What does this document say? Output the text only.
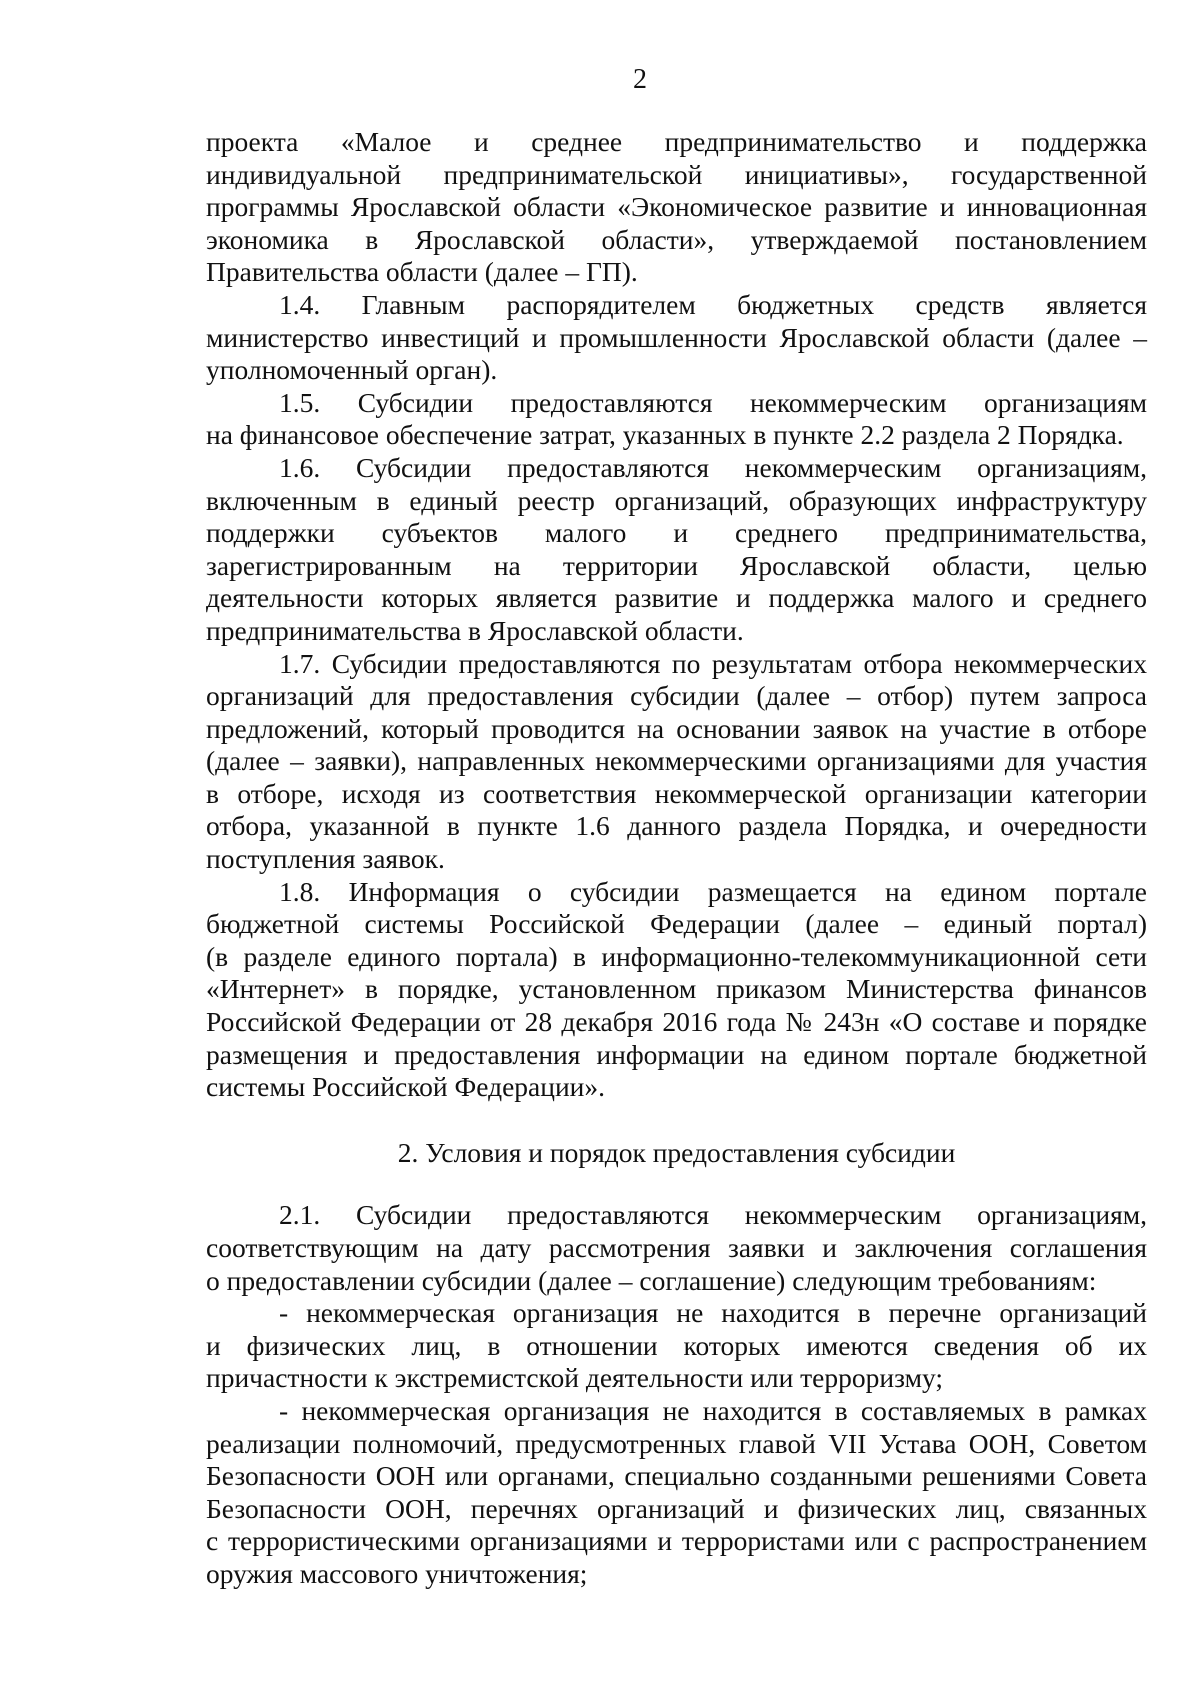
2

проекта «Малое и среднее предпринимательство и поддержка
индивидуальной предпринимательской инициативы», государственной
программы Ярославской области «Экономическое развитие и инновационная
экономика в Ярославской области», утверждаемой постановлением
Правительства области (далее – ГП).

1.4. Главным распорядителем бюджетных средств является
министерство инвестиций и промышленности Ярославской области (далее –
уполномоченный орган).

1.5. Субсидии предоставляются некоммерческим организациям
на финансовое обеспечение затрат, указанных в пункте 2.2 раздела 2 Порядка.

1.6. Субсидии предоставляются некоммерческим организациям,
включенным в единый реестр организаций, образующих инфраструктуру
поддержки субъектов малого и среднего предпринимательства,
зарегистрированным на территории Ярославской области, целью
деятельности которых является развитие и поддержка малого и среднего
предпринимательства в Ярославской области.

1.7. Субсидии предоставляются по результатам отбора некоммерческих
организаций для предоставления субсидии (далее – отбор) путем запроса
предложений, который проводится на основании заявок на участие в отборе
(далее – заявки), направленных некоммерческими организациями для участия
в отборе, исходя из соответствия некоммерческой организации категории
отбора, указанной в пункте 1.6 данного раздела Порядка, и очередности
поступления заявок.

1.8. Информация о субсидии размещается на едином портале
бюджетной системы Российской Федерации (далее – единый портал)
(в разделе единого портала) в информационно-телекоммуникационной сети
«Интернет» в порядке, установленном приказом Министерства финансов
Российской Федерации от 28 декабря 2016 года № 243н «О составе и порядке
размещения и предоставления информации на едином портале бюджетной
системы Российской Федерации».

2. Условия и порядок предоставления субсидии

2.1. Субсидии предоставляются некоммерческим организациям,
соответствующим на дату рассмотрения заявки и заключения соглашения
о предоставлении субсидии (далее – соглашение) следующим требованиям:

- некоммерческая организация не находится в перечне организаций
и физических лиц, в отношении которых имеются сведения об их
причастности к экстремистской деятельности или терроризму;

- некоммерческая организация не находится в составляемых в рамках
реализации полномочий, предусмотренных главой VII Устава ООН, Советом
Безопасности ООН или органами, специально созданными решениями Совета
Безопасности ООН, перечнях организаций и физических лиц, связанных
с террористическими организациями и террористами или с распространением
оружия массового уничтожения;
